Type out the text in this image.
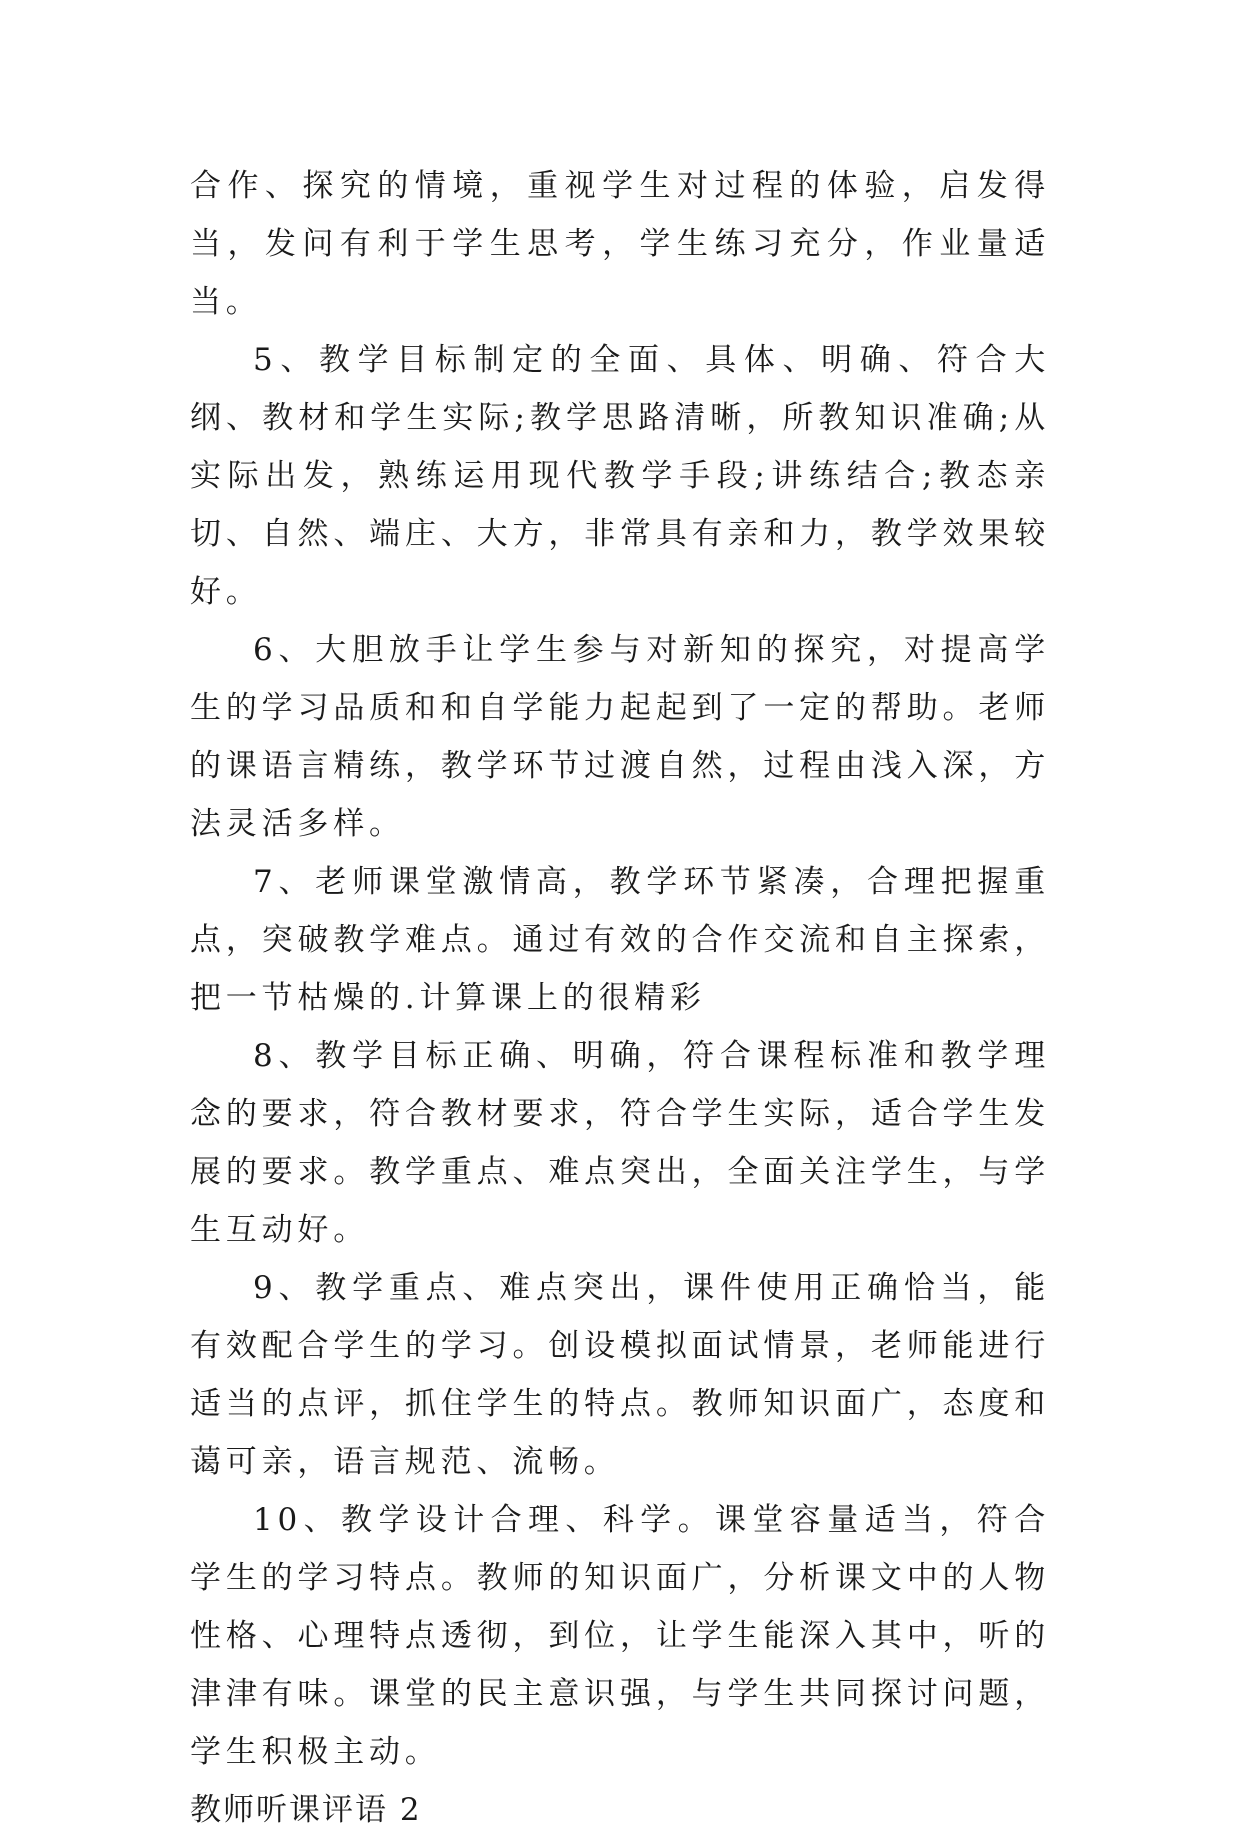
合作、探究的情境，重视学生对过程的体验，启发得当，发问有利于学生思考，学生练习充分，作业量适当。

5、教学目标制定的全面、具体、明确、符合大纲、教材和学生实际;教学思路清晰，所教知识准确;从实际出发，熟练运用现代教学手段;讲练结合;教态亲切、自然、端庄、大方，非常具有亲和力，教学效果较好。

6、大胆放手让学生参与对新知的探究，对提高学生的学习品质和和自学能力起起到了一定的帮助。老师的课语言精练，教学环节过渡自然，过程由浅入深，方法灵活多样。

7、老师课堂激情高，教学环节紧凑，合理把握重点，突破教学难点。通过有效的合作交流和自主探索，把一节枯燥的.计算课上的很精彩

8、教学目标正确、明确，符合课程标准和教学理念的要求，符合教材要求，符合学生实际，适合学生发展的要求。教学重点、难点突出，全面关注学生，与学生互动好。

9、教学重点、难点突出，课件使用正确恰当，能有效配合学生的学习。创设模拟面试情景，老师能进行适当的点评，抓住学生的特点。教师知识面广，态度和蔼可亲，语言规范、流畅。

10、教学设计合理、科学。课堂容量适当，符合学生的学习特点。教师的知识面广，分析课文中的人物性格、心理特点透彻，到位，让学生能深入其中，听的津津有味。课堂的民主意识强，与学生共同探讨问题，学生积极主动。

教师听课评语 2
